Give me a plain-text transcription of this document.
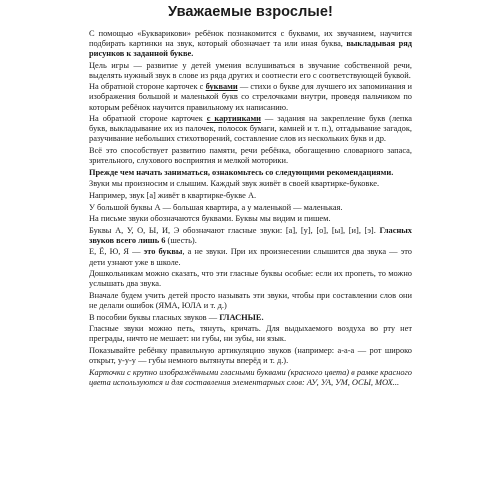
Уважаемые взрослые!

С помощью «Букварикови» ребёнок познакомится с буквами, их звучанием, научится подбирать картинки на звук, который обозначает та или иная буква, выкладывая ряд рисунков к заданной букве.

Цель игры — развитие у детей умения вслушиваться в звучание собственной речи, выделять нужный звук в слове из ряда других и соотнести его с соответствующей буквой.

На обратной стороне карточек с буквами — стихи о букве для лучшего их запоминания и изображения большой и маленькой букв со стрелочками внутри, проведя пальчиком по которым ребёнок научится правильному их написанию.

На обратной стороне карточек с картинками — задания на закрепление букв (лепка букв, выкладывание их из палочек, полосок бумаги, камней и т. п.), отгадывание загадок, разучивание небольших стихотворений, составление слов из нескольких букв и др.

Всё это способствует развитию памяти, речи ребёнка, обогащению словарного запаса, зрительного, слухового восприятия и мелкой моторики.

Прежде чем начать заниматься, ознакомьтесь со следующими рекомендациями.

Звуки мы произносим и слышим. Каждый звук живёт в своей квартирке-буковке.

Например, звук [а] живёт в квартирке-букве А.

У большой буквы А — большая квартира, а у маленькой — маленькая.

На письме звуки обозначаются буквами. Буквы мы видим и пишем.

Буквы А, У, О, Ы, И, Э обозначают гласные звуки: [а], [у], [о], [ы], [и], [э]. Гласных звуков всего лишь 6 (шесть).

Е, Ё, Ю, Я — это буквы, а не звуки. При их произнесении слышится два звука — это дети узнают уже в школе.

Дошкольникам можно сказать, что эти гласные буквы особые: если их пропеть, то можно услышать два звука.

Вначале будем учить детей просто называть эти звуки, чтобы при составлении слов они не делали ошибок (ЯМА, ЮЛА и т. д.)

В пособии буквы гласных звуков — ГЛАСНЫЕ.

Гласные звуки можно петь, тянуть, кричать. Для выдыхаемого воздуха во рту нет преграды, ничто не мешает: ни губы, ни зубы, ни язык.

Показывайте ребёнку правильную артикуляцию звуков (например: а-а-а — рот широко открыт, у-у-у — губы немного вытянуты вперёд и т. д.).

Карточки с крупно изображёнными гласными буквами (красного цвета) в рамке красного цвета используются и для составления элементарных слов: АУ, УА, УМ, ОСЫ, МОХ...
